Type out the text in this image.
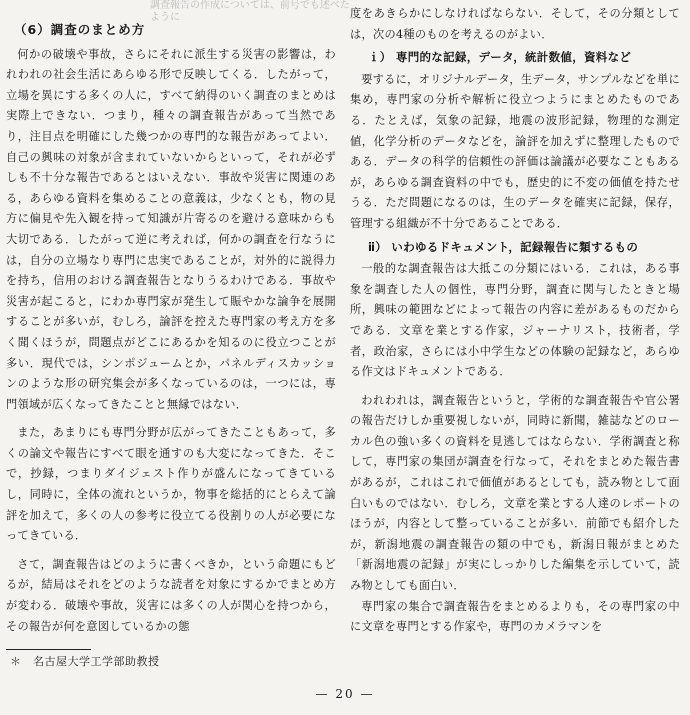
調査報告の作成については、前号でも述べたように
（6）調査のまとめ方

何かの破壊や事故，さらにそれに派生する災害の影響は，われわれの社会生活にあらゆる形で反映してくる．したがって，立場を異にする多くの人に，すべて納得のいく調査のまとめは実際上できない．つまり，種々の調査報告があって当然であり，注目点を明確にした幾つかの専門的な報告があってよい．自己の興味の対象が含まれていないからといって，それが必ずしも不十分な報告であるとはいえない．事故や災害に関連のある，あらゆる資料を集めることの意義は，少なくとも，物の見方に偏見や先入観を持って知識が片寄るのを避ける意味からも大切である．したがって逆に考えれば，何かの調査を行なうには，自分の立場なり専門に忠実であることが，対外的に説得力を持ち，信用のおける調査報告となりうるわけである．事故や災害が起こると，にわか専門家が発生して賑やかな論争を展開することが多いが，むしろ，論評を控えた専門家の考え方を多く聞くほうが，問題点がどこにあるかを知るのに役立つことが多い．現代では，シンポジュームとか，パネルディスカッションのような形の研究集会が多くなっているのは，一つには，専門領域が広くなってきたことと無縁ではない．

また，あまりにも専門分野が広がってきたこともあって，多くの論文や報告にすべて眼を通すのも大変になってきた．そこで，抄録，つまりダイジェスト作りが盛んになってきているし，同時に，全体の流れというか，物事を総括的にとらえて論評を加えて，多くの人の参考に役立てる役割りの人が必要になってきている．

さて，調査報告はどのように書くべきか，という命題にもどるが，結局はそれをどのような読者を対象にするかでまとめ方が変わる．破壊や事故，災害には多くの人が関心を持つから，その報告が何を意図しているかの態

度をあきらかにしなければならない．そして，その分類としては，次の4種のものを考えるのがよい．

ｉ） 専門的な記録，データ，統計数値，資料など

要するに，オリジナルデータ，生データ，サンプルなどを単に集め，専門家の分析や解析に役立つようにまとめたものである．たとえば，気象の記録，地震の波形記録，物理的な測定値，化学分析のデータなどを，論評を加えずに整理したものである．データの科学的信頼性の評価は論議が必要なこともあるが，あらゆる調査資料の中でも，歴史的に不変の価値を持たせうる．ただ問題になるのは，生のデータを確実に記録，保存，管理する組織が不十分であることである．

ⅱ） いわゆるドキュメント，記録報告に類するもの

一般的な調査報告は大抵この分類にはいる．これは，ある事象を調査した人の個性，専門分野，調査に関与したときと場所，興味の範囲などによって報告の内容に差があるものだからである．文章を業とする作家，ジャーナリスト，技術者，学者，政治家，さらには小中学生などの体験の記録など，あらゆる作文はドキュメントである．

われわれは，調査報告というと，学術的な調査報告や官公署の報告だけしか重要視しないが，同時に新聞，雑誌などのローカル色の強い多くの資料を見逃してはならない．学術調査と称して，専門家の集団が調査を行なって，それをまとめた報告書があるが，これはこれで価値があるとしても，読み物として面白いものではない．むしろ，文章を業とする人達のレポートのほうが，内容として整っていることが多い．前節でも紹介したが，新潟地震の調査報告の類の中でも，新潟日報がまとめた「新潟地震の記録」が実にしっかりした編集を示していて，読み物としても面白い．

専門家の集合で調査報告をまとめるよりも，その専門家の中に文章を専門とする作家や，専門のカメラマンを

＊　名古屋大学工学部助教授
— 20 —
